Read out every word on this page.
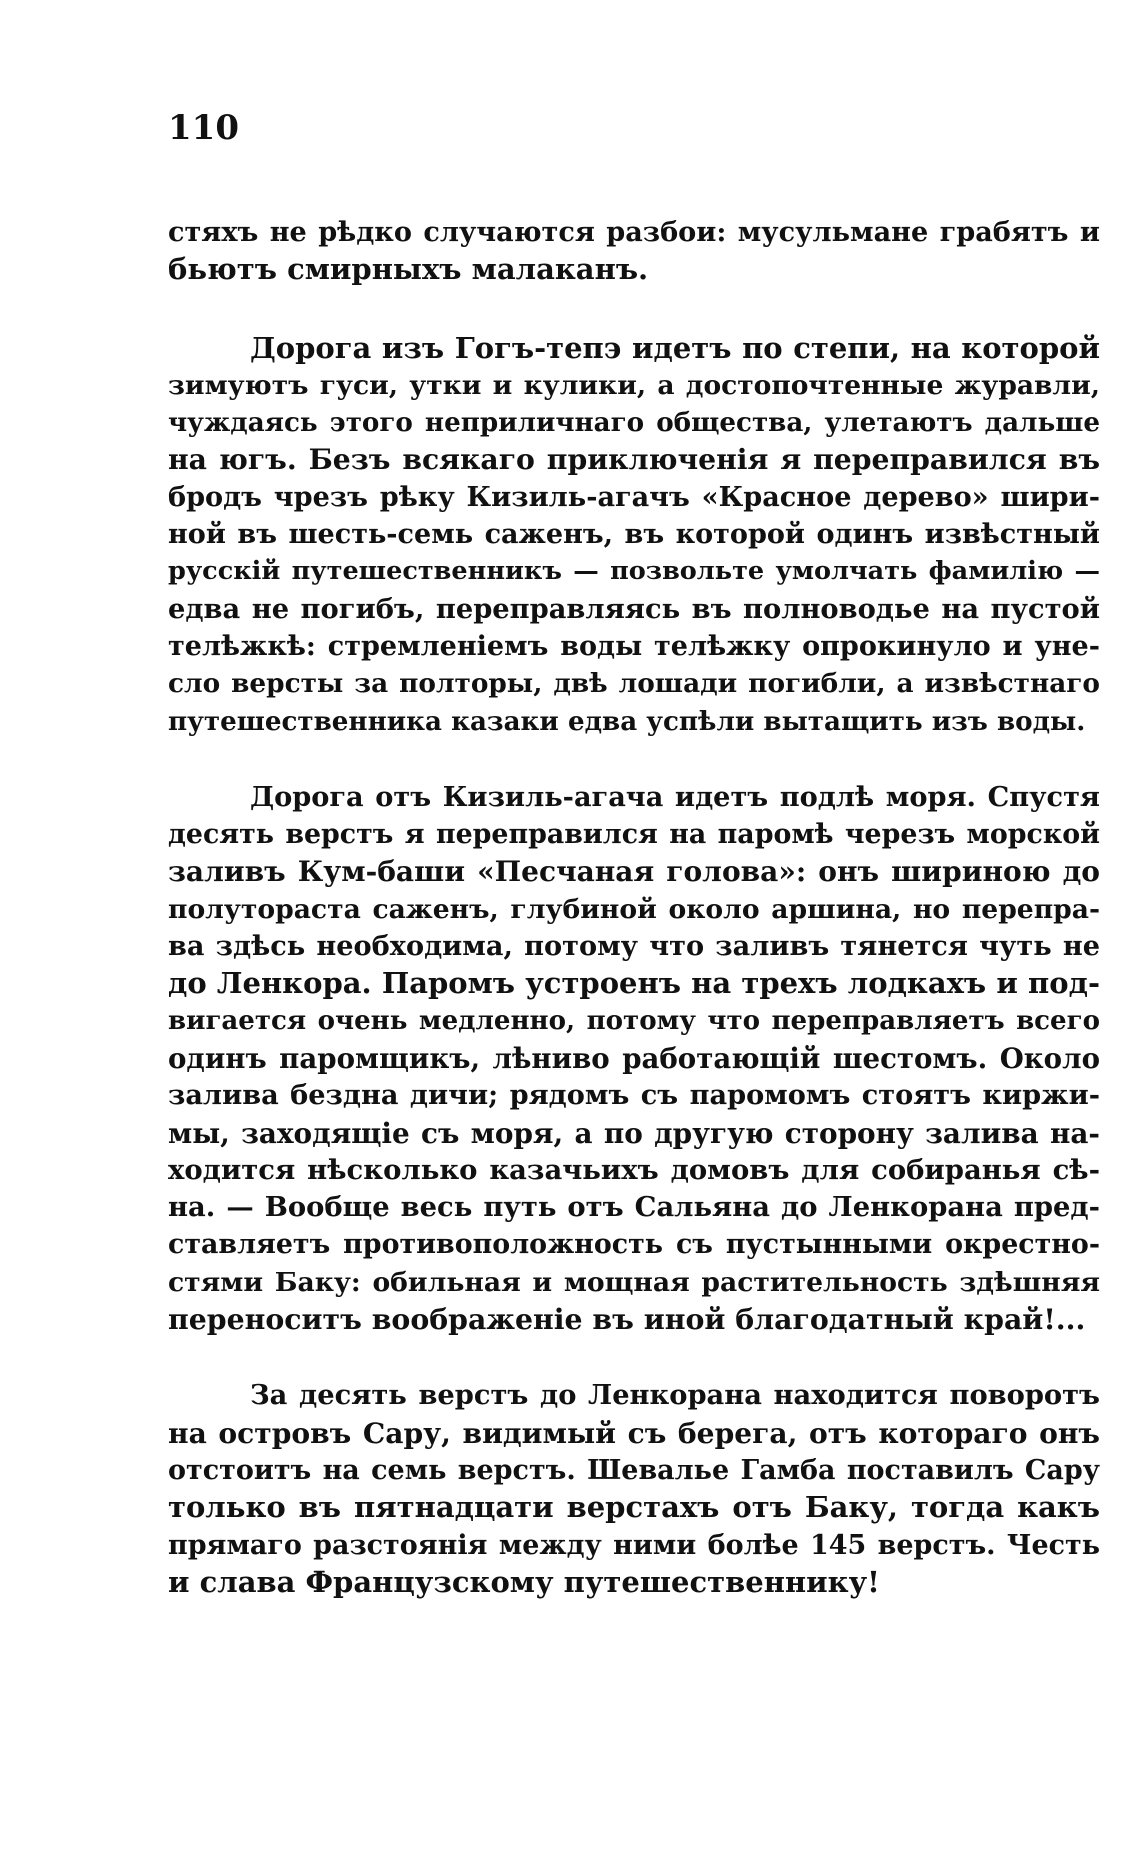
110
стяхъ не рѣдко случаются разбои: мусульмане грабятъ и
бьютъ смирныхъ малаканъ.
Дорога изъ Гогъ-тепэ идетъ по степи, на которой
зимуютъ гуси, утки и кулики, а достопочтенные журавли,
чуждаясь этого неприличнаго общества, улетаютъ дальше
на югъ. Безъ всякаго приключенія я переправился въ
бродъ чрезъ рѣку Кизиль-агачъ «Красное дерево» шири-
ной въ шесть-семь саженъ, въ которой одинъ извѣстный
русскій путешественникъ — позвольте умолчать фамилію —
едва не погибъ, переправляясь въ полноводье на пустой
телѣжкѣ: стремленіемъ воды телѣжку опрокинуло и уне-
сло версты за полторы, двѣ лошади погибли, а извѣстнаго
путешественника казаки едва успѣли вытащить изъ воды.
Дорога отъ Кизиль-агача идетъ подлѣ моря. Спустя
десять верстъ я переправился на паромѣ черезъ морской
заливъ Кум-баши «Песчаная голова»: онъ шириною до
полутораста саженъ, глубиной около аршина, но перепра-
ва здѣсь необходима, потому что заливъ тянется чуть не
до Ленкора. Паромъ устроенъ на трехъ лодкахъ и под-
вигается очень медленно, потому что переправляетъ всего
одинъ паромщикъ, лѣниво работающій шестомъ. Около
залива бездна дичи; рядомъ съ паромомъ стоятъ киржи-
мы, заходящіе съ моря, а по другую сторону залива на-
ходится нѣсколько казачьихъ домовъ для собиранья сѣ-
на. — Вообще весь путь отъ Сальяна до Ленкорана пред-
ставляетъ противоположность съ пустынными окрестно-
стями Баку: обильная и мощная растительность здѣшняя
переноситъ воображеніе въ иной благодатный край!...
За десять верстъ до Ленкорана находится поворотъ
на островъ Сару, видимый съ берега, отъ котораго онъ
отстоитъ на семь верстъ. Шевалье Гамба поставилъ Сару
только въ пятнадцати верстахъ отъ Баку, тогда какъ
прямаго разстоянія между ними болѣе 145 верстъ. Честь
и слава Французскому путешественнику!
